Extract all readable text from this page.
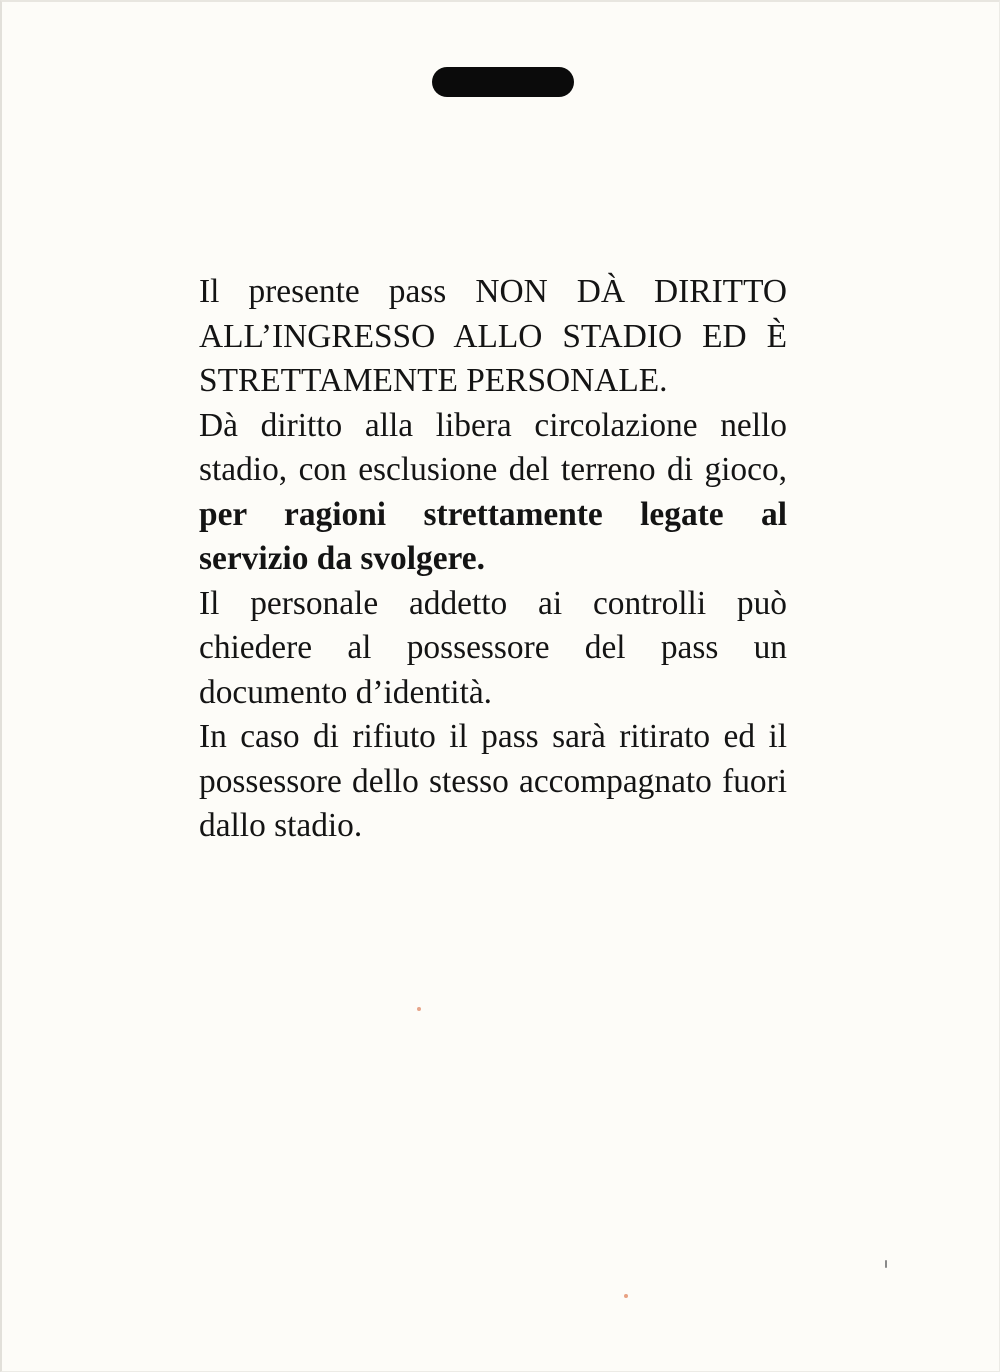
Il presente pass NON DÀ DIRITTO ALL’INGRESSO ALLO STADIO ED È STRETTAMENTE PERSONALE.

Dà diritto alla libera circolazione nello stadio, con esclusione del terreno di gioco, per ragioni strettamente legate al servizio da svolgere.

Il personale addetto ai controlli può chiedere al possessore del pass un documento d’identità.

In caso di rifiuto il pass sarà ritirato ed il possessore dello stesso accompagnato fuori dallo stadio.
